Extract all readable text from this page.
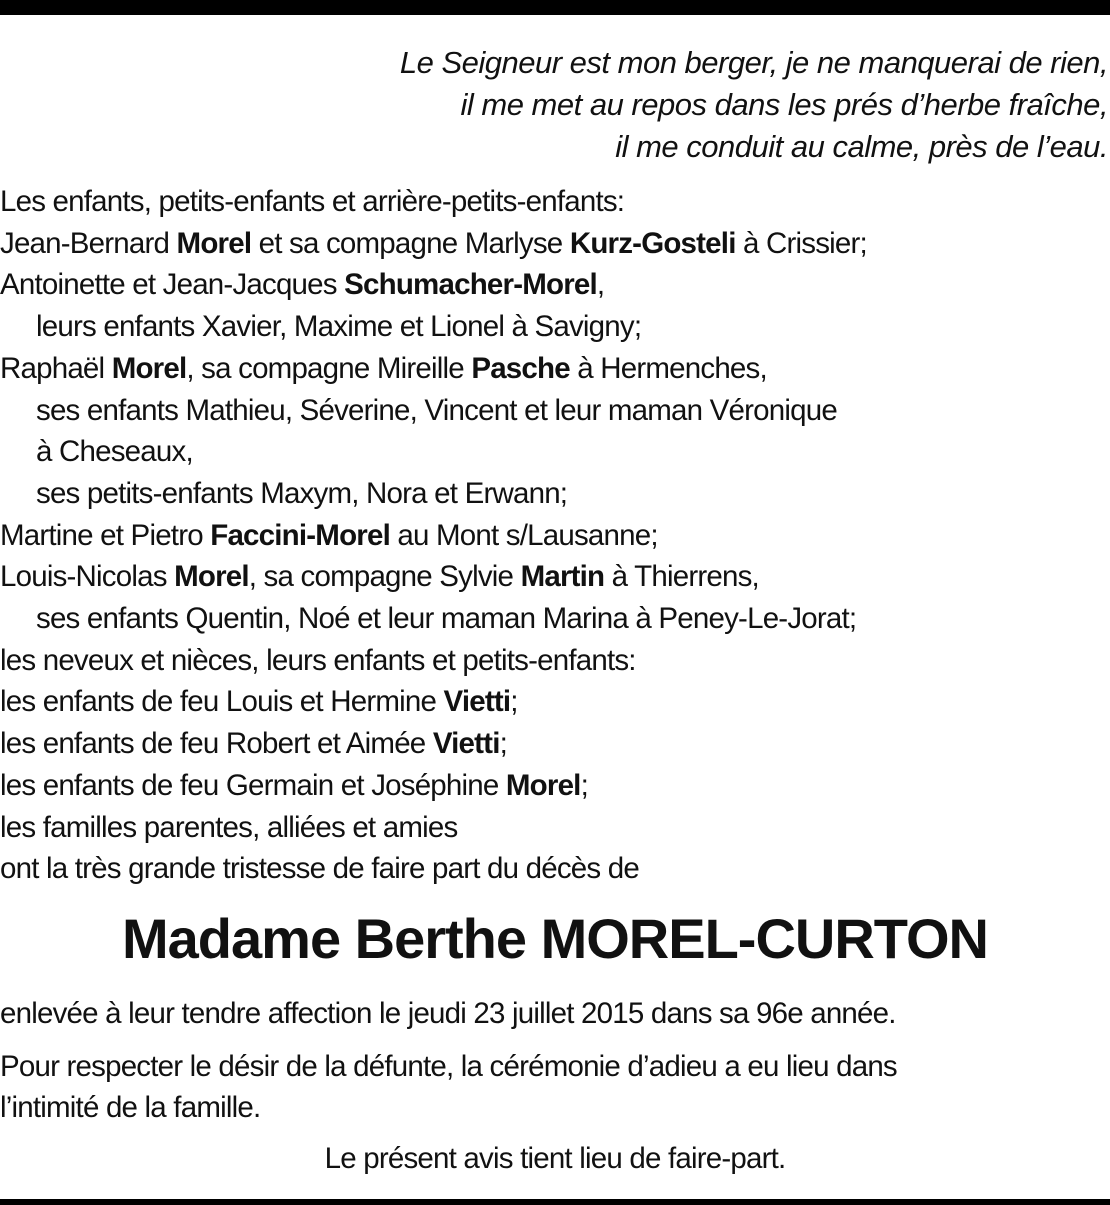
Le Seigneur est mon berger, je ne manquerai de rien,
il me met au repos dans les prés d’herbe fraîche,
il me conduit au calme, près de l’eau.
Les enfants, petits-enfants et arrière-petits-enfants:
Jean-Bernard Morel et sa compagne Marlyse Kurz-Gosteli à Crissier;
Antoinette et Jean-Jacques Schumacher-Morel,
leurs enfants Xavier, Maxime et Lionel à Savigny;
Raphaël Morel, sa compagne Mireille Pasche à Hermenches,
ses enfants Mathieu, Séverine, Vincent et leur maman Véronique
à Cheseaux,
ses petits-enfants Maxym, Nora et Erwann;
Martine et Pietro Faccini-Morel au Mont s/Lausanne;
Louis-Nicolas Morel, sa compagne Sylvie Martin à Thierrens,
ses enfants Quentin, Noé et leur maman Marina à Peney-Le-Jorat;
les neveux et nièces, leurs enfants et petits-enfants:
les enfants de feu Louis et Hermine Vietti;
les enfants de feu Robert et Aimée Vietti;
les enfants de feu Germain et Joséphine Morel;
les familles parentes, alliées et amies
ont la très grande tristesse de faire part du décès de
Madame Berthe MOREL-CURTON
enlevée à leur tendre affection le jeudi 23 juillet 2015 dans sa 96e année.
Pour respecter le désir de la défunte, la cérémonie d’adieu a eu lieu dans
l’intimité de la famille.
Le présent avis tient lieu de faire-part.
